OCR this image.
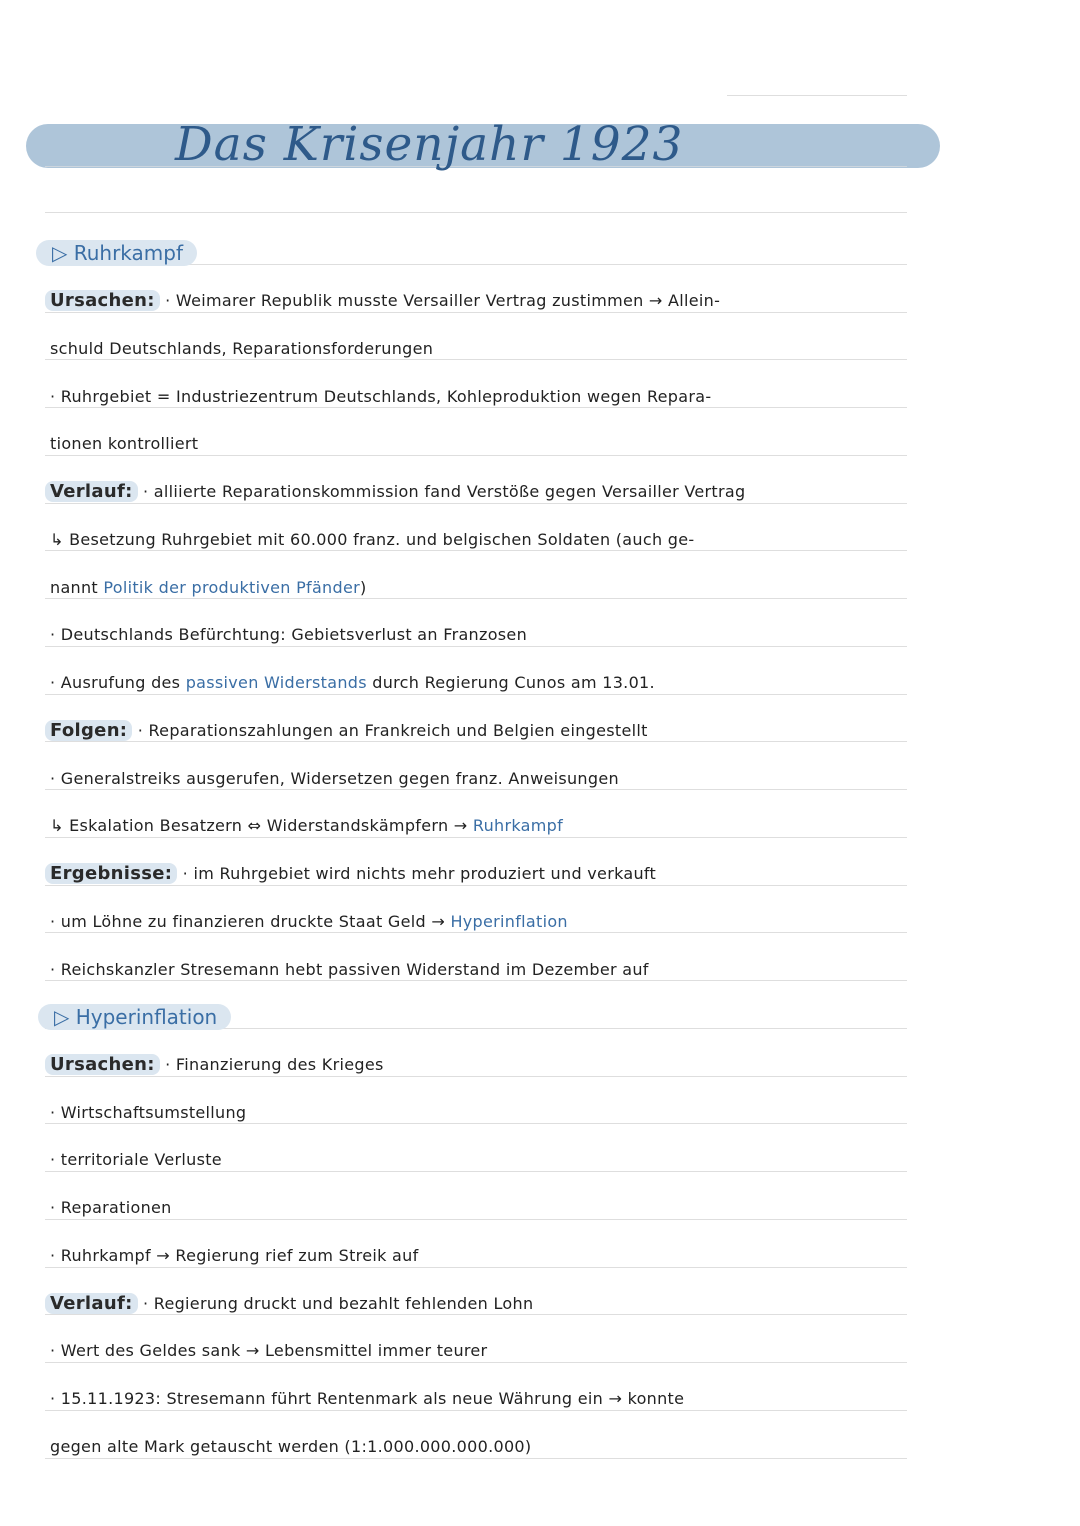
Das Krisenjahr 1923
▷ Ruhrkampf
Ursachen: · Weimarer Republik musste Versailler Vertrag zustimmen → Allein-
schuld Deutschlands, Reparationsforderungen
· Ruhrgebiet = Industriezentrum Deutschlands, Kohleproduktion wegen Repara-
tionen kontrolliert
Verlauf: · alliierte Reparationskommission fand Verstöße gegen Versailler Vertrag
↳ Besetzung Ruhrgebiet mit 60.000 franz. und belgischen Soldaten (auch ge-
nannt Politik der produktiven Pfänder)
· Deutschlands Befürchtung: Gebietsverlust an Franzosen
· Ausrufung des passiven Widerstands durch Regierung Cunos am 13.01.
Folgen: · Reparationszahlungen an Frankreich und Belgien eingestellt
· Generalstreiks ausgerufen, Widersetzen gegen franz. Anweisungen
↳ Eskalation Besatzern ⇔ Widerstandskämpfern → Ruhrkampf
Ergebnisse: · im Ruhrgebiet wird nichts mehr produziert und verkauft
· um Löhne zu finanzieren druckte Staat Geld → Hyperinflation
· Reichskanzler Stresemann hebt passiven Widerstand im Dezember auf
▷ Hyperinflation
Ursachen: · Finanzierung des Krieges
· Wirtschaftsumstellung
· territoriale Verluste
· Reparationen
· Ruhrkampf → Regierung rief zum Streik auf
Verlauf: · Regierung druckt und bezahlt fehlenden Lohn
· Wert des Geldes sank → Lebensmittel immer teurer
· 15.11.1923: Stresemann führt Rentenmark als neue Währung ein → konnte
gegen alte Mark getauscht werden (1:1.000.000.000.000)
